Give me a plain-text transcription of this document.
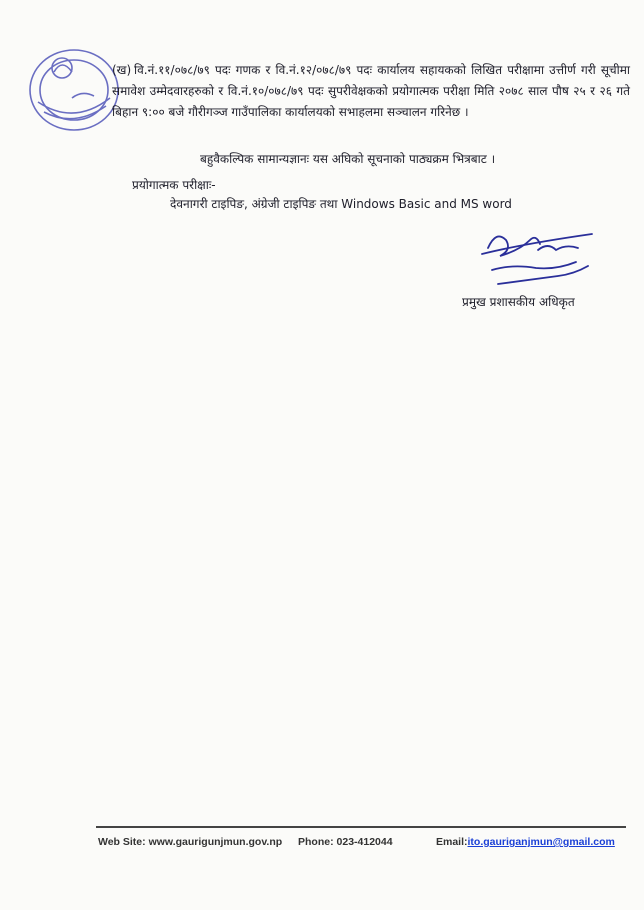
(ख) वि.नं.११/०७८/७९ पदः गणक र वि.नं.१२/०७८/७९ पदः कार्यालय सहायकको लिखित परीक्षामा उत्तीर्ण गरी सूचीमा समावेश उम्मेदवारहरुको र वि.नं.१०/०७८/७९ पदः सुपरीवेक्षकको प्रयोगात्मक परीक्षा मिति २०७८ साल पौष २५ र २६ गते बिहान ९:०० बजे गौरीगञ्ज गाउँपालिका कार्यालयको सभाहलमा सञ्चालन गरिनेछ ।
बहुवैकल्पिक सामान्यज्ञानः यस अघिको सूचनाको पाठ्यक्रम भित्रबाट ।
प्रयोगात्मक परीक्षाः-
देवनागरी टाइपिङ, अंग्रेजी टाइपिङ तथा Windows Basic and MS word
प्रमुख प्रशासकीय अधिकृत
Web Site: www.gaurigunjmun.gov.np Phone: 023-412044	Email:ito.gauriganjmun@gmail.com
